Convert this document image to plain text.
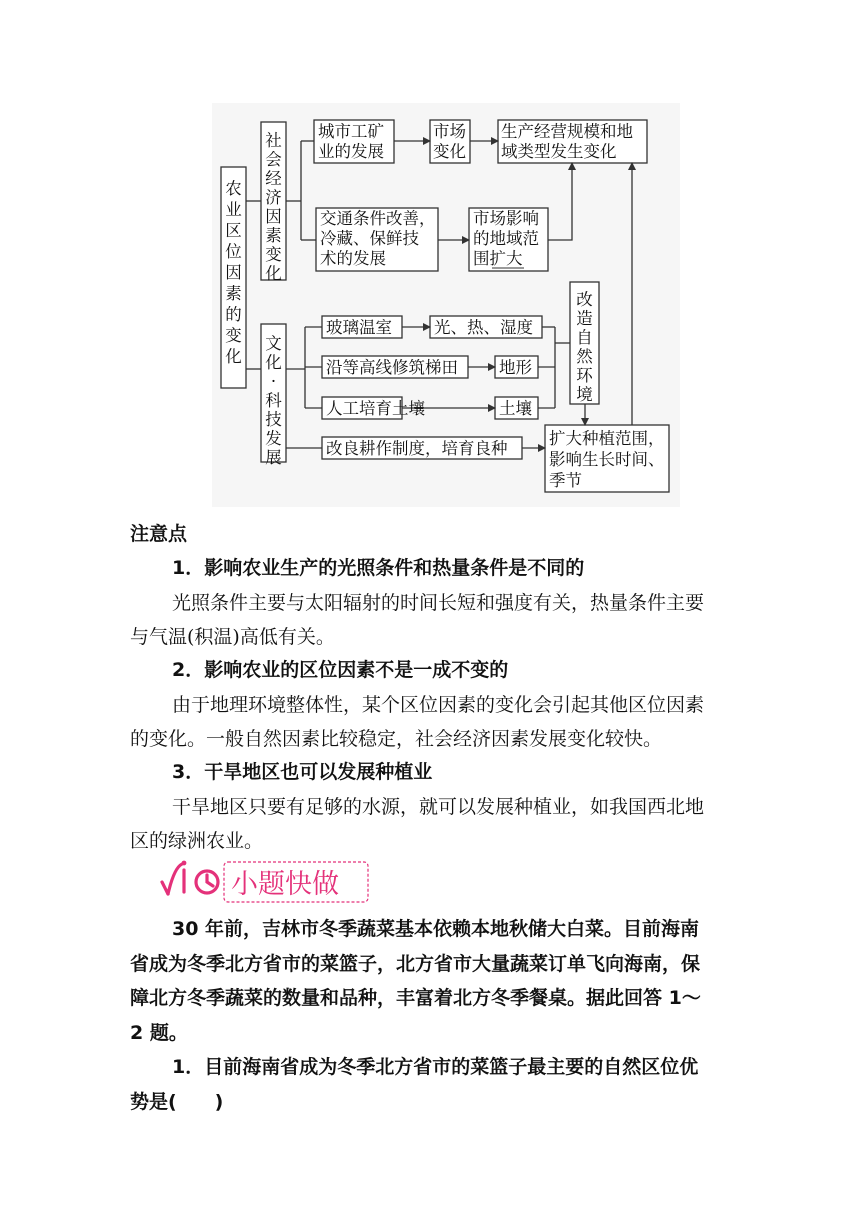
农业区位因素的变化
社会经济因素变化
文化·科技发展
改造自然环境
城市工矿业的发展
市场变化
生产经营规模和地域类型发生变化
交通条件改善，冷藏、保鲜技术的发展
市场影响的地域范围扩大
玻璃温室	光、热、湿度
沿等高线修筑梯田 地形
人工培育土壤	土壤
改良耕作制度，培育良种
扩大种植范围，影响生长时间、季节
注意点
1．影响农业生产的光照条件和热量条件是不同的
光照条件主要与太阳辐射的时间长短和强度有关，热量条件主要
与气温(积温)高低有关。
2．影响农业的区位因素不是一成不变的
由于地理环境整体性，某个区位因素的变化会引起其他区位因素
的变化。一般自然因素比较稳定，社会经济因素发展变化较快。
3．干旱地区也可以发展种植业
干旱地区只要有足够的水源，就可以发展种植业，如我国西北地
区的绿洲农业。
小题快做
30 年前，吉林市冬季蔬菜基本依赖本地秋储大白菜。目前海南
省成为冬季北方省市的菜篮子，北方省市大量蔬菜订单飞向海南，保
障北方冬季蔬菜的数量和品种，丰富着北方冬季餐桌。据此回答 1～
2 题。
1．目前海南省成为冬季北方省市的菜篮子最主要的自然区位优
势是(　　)
